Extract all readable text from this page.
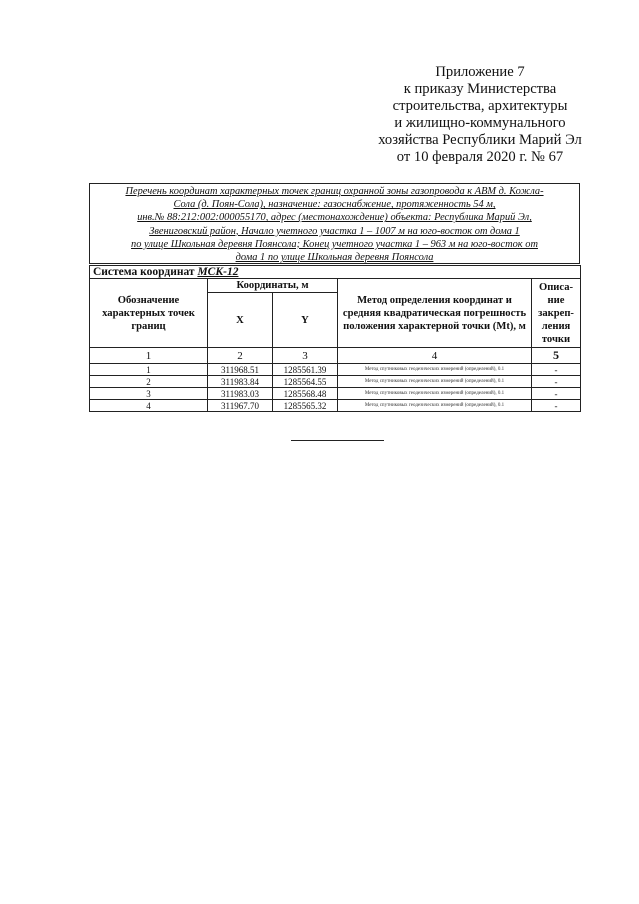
Приложение 7
к приказу Министерства
строительства, архитектуры
и жилищно-коммунального
хозяйства Республики Марий Эл
от 10 февраля 2020 г. № 67
Перечень координат характерных точек границ охранной зоны газопровода к АВМ д. Кожла-
Сола (д. Поян-Сола), назначение: газоснабжение, протяженность 54 м,
инв.№ 88:212:002:000055170, адрес (местонахождение) объекта: Республика Марий Эл,
Звениговский район, Начало учетного участка 1 – 1007 м на юго-восток от дома 1
по улице Школьная деревня Поянсола; Конец учетного участка 1 – 963 м на юго-восток от
дома 1 по улице Школьная деревня Поянсола
Система координат МСК-12				
Обозначение характерных точек границ	Координаты, м		Метод определения координат и средняя квадратическая погрешность положения характерной точки (Mt), м	Описа-ние закреп-ления точки
	X	Y		
1	2	3	4	5
1	311968.51	1285561.39	Метод спутниковых геодезических измерений (определений), 0.1	-
2	311983.84	1285564.55	Метод спутниковых геодезических измерений (определений), 0.1	-
3	311983.03	1285568.48	Метод спутниковых геодезических измерений (определений), 0.1	-
4	311967.70	1285565.32	Метод спутниковых геодезических измерений (определений), 0.1	-
